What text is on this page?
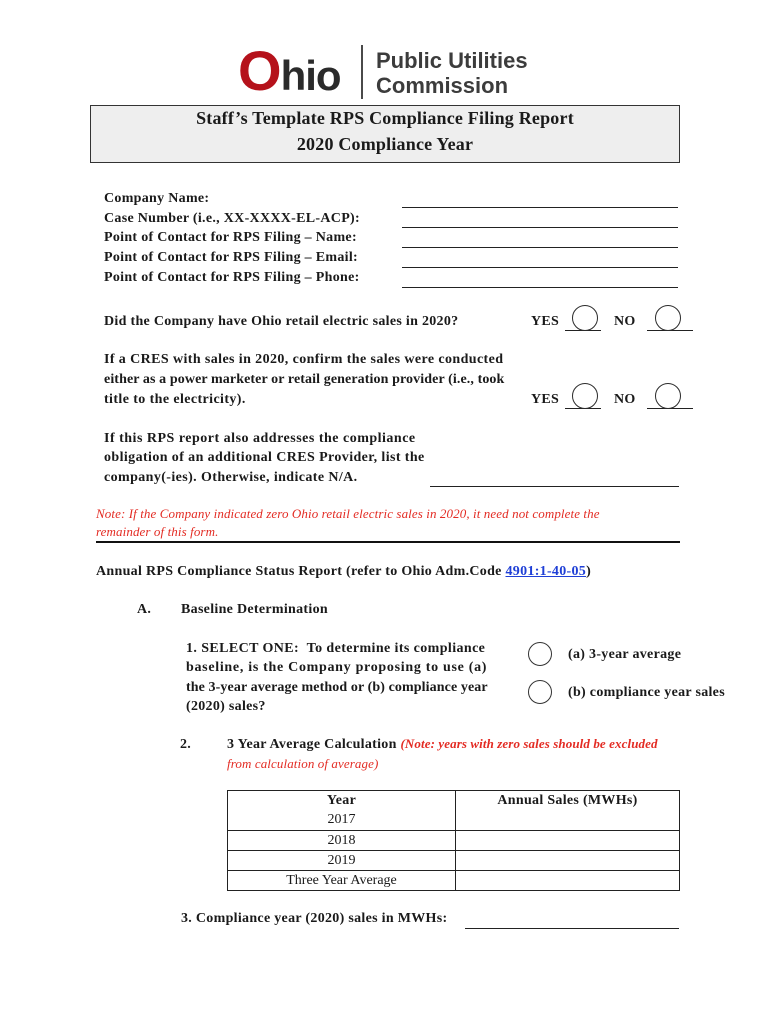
Ohio Public Utilities
Commission
Staff’s Template RPS Compliance Filing Report
2020 Compliance Year
Company Name:
Case Number (i.e., XX-XXXX-EL-ACP):
Point of Contact for RPS Filing – Name:
Point of Contact for RPS Filing – Email:
Point of Contact for RPS Filing – Phone:
Did the Company have Ohio retail electric sales in 2020?	YES	NO
If a CRES with sales in 2020, confirm the sales were conducted
either as a power marketer or retail generation provider (i.e., took
title to the electricity).	YES	NO
If this RPS report also addresses the compliance
obligation of an additional CRES Provider, list the
company(-ies). Otherwise, indicate N/A.
Note: If the Company indicated zero Ohio retail electric sales in 2020, it need not complete the
remainder of this form.
Annual RPS Compliance Status Report (refer to Ohio Adm.Code 4901:1-40-05)
A. Baseline Determination
1. SELECT ONE:  To determine its compliance
baseline, is the Company proposing to use (a)
the 3-year average method or (b) compliance year
(2020) sales?
(a) 3-year average
(b) compliance year sales
2.	3 Year Average Calculation (Note: years with zero sales should be excluded
from calculation of average)
Year	Annual Sales (MWHs)
2017	
2018	
2019	
Three Year Average	
3. Compliance year (2020) sales in MWHs:
